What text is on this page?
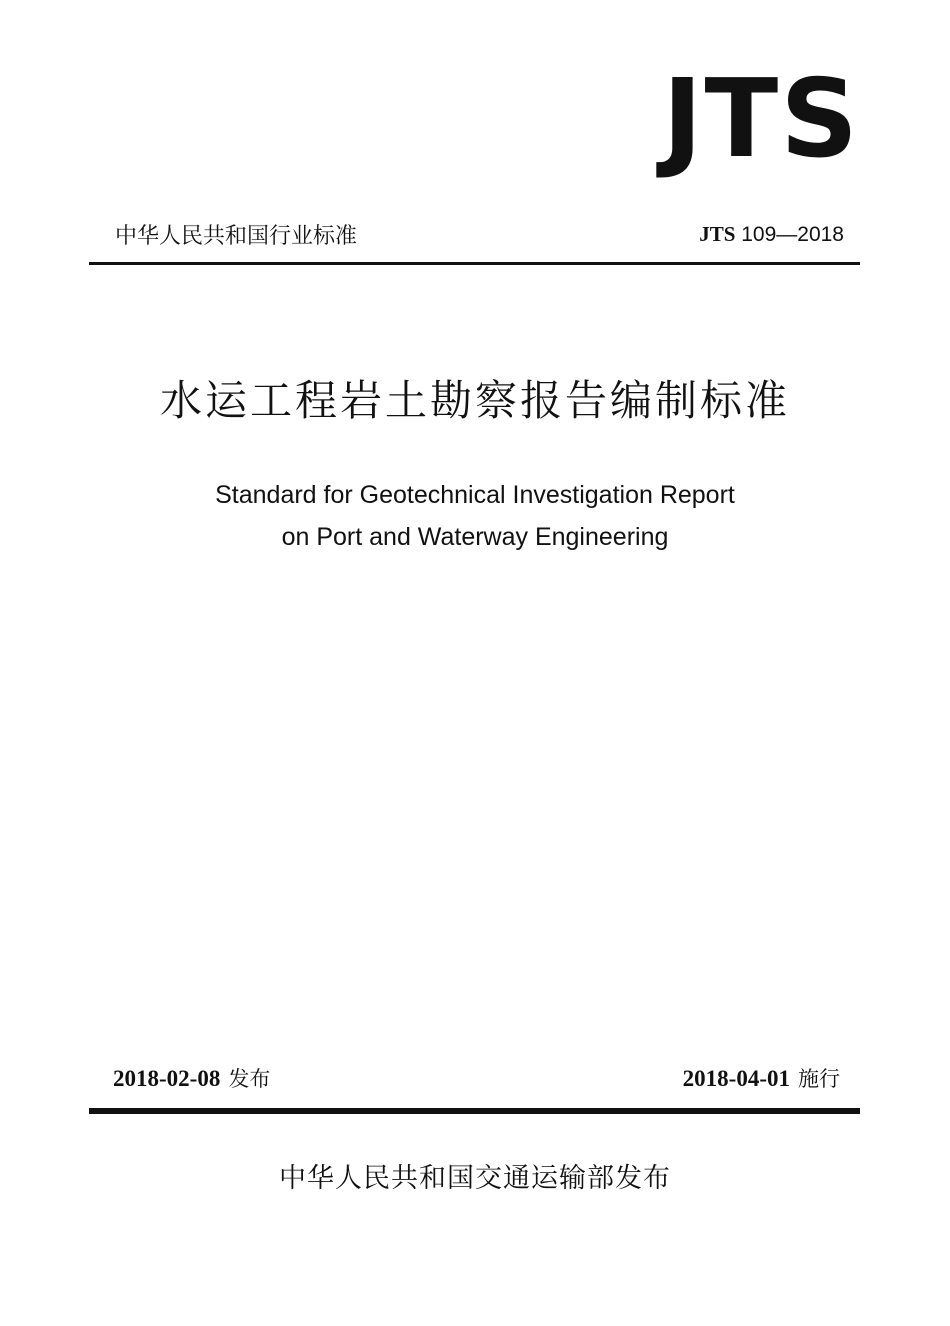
JTS
中华人民共和国行业标准	JTS 109—2018
水运工程岩土勘察报告编制标准
Standard for Geotechnical Investigation Report
on Port and Waterway Engineering
2018-02-08 发布	2018-04-01 施行
中华人民共和国交通运输部发布
